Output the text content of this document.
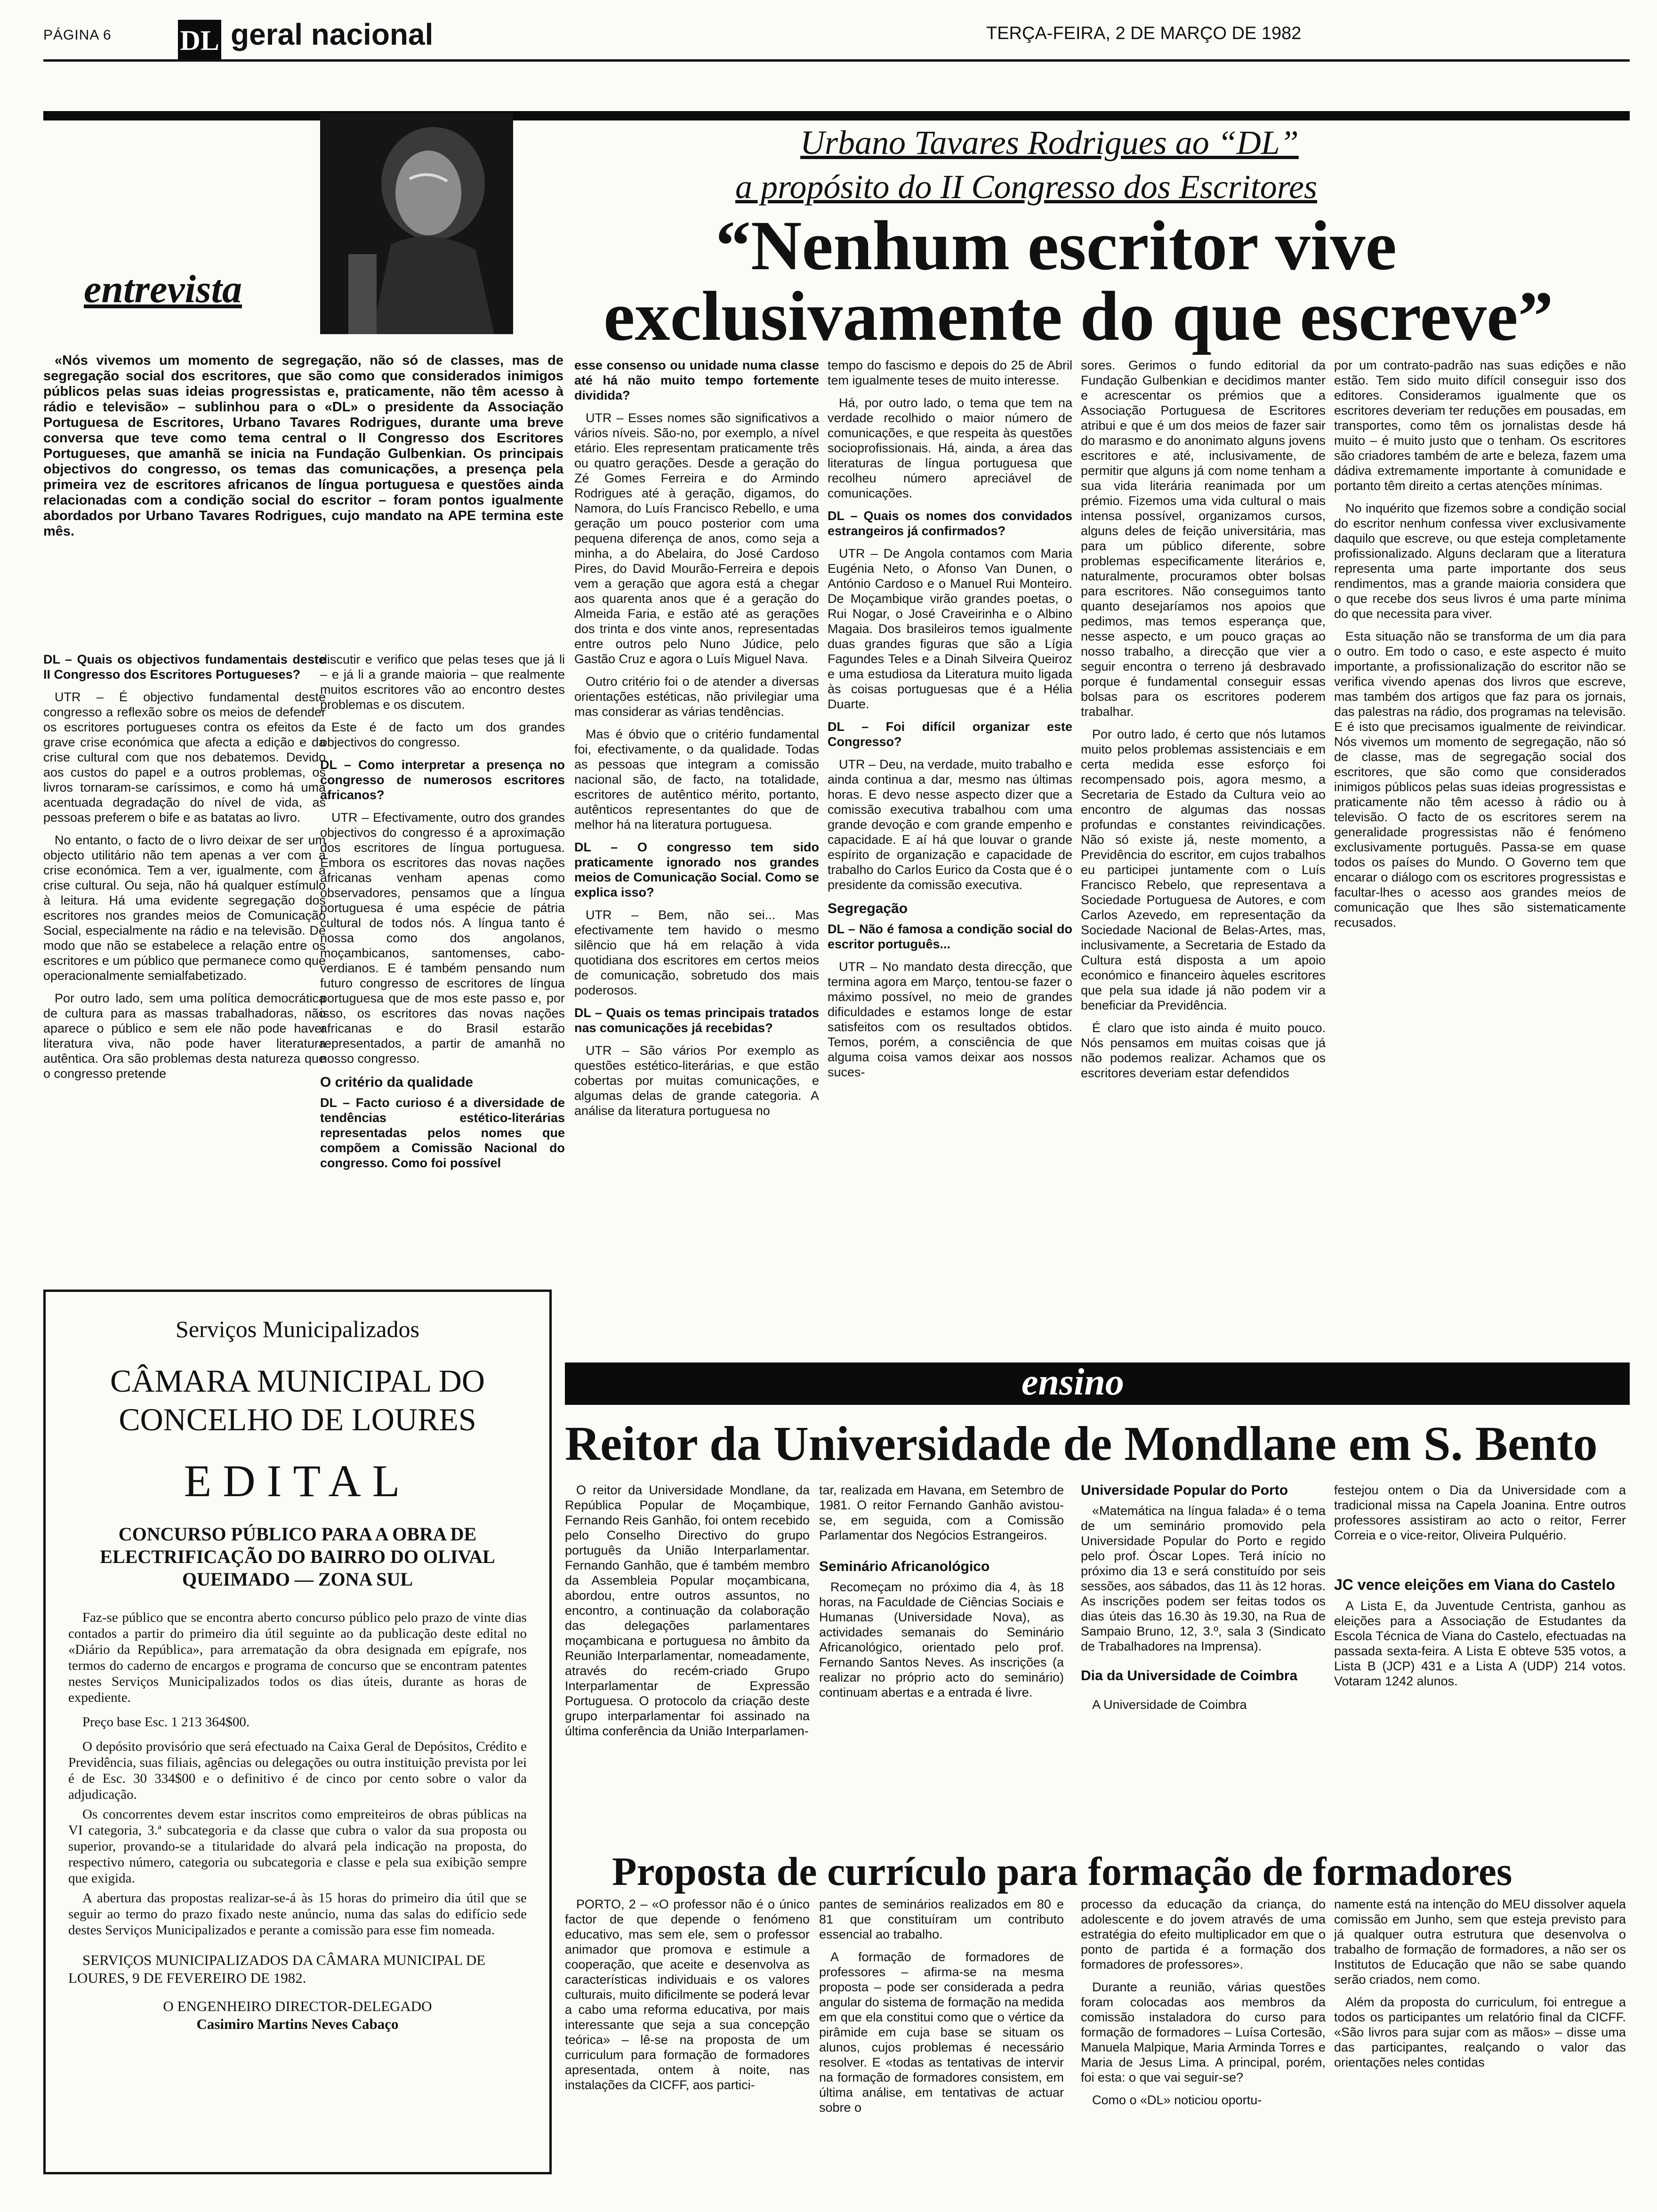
PÁGINA 6 DL geral nacional	TERÇA-FEIRA, 2 DE MARÇO DE 1982
entrevista
Urbano Tavares Rodrigues ao “DL”
a propósito do II Congresso dos Escritores
“Nenhum escritor vive
exclusivamente do que escreve”

«Nós vivemos um momento de segregação, não só de classes, mas de segregação social dos escritores, que são como que considerados inimigos públicos pelas suas ideias progressistas e, praticamente, não têm acesso à rádio e televisão» – sublinhou para o «DL» o presidente da Associação Portuguesa de Escritores, Urbano Tavares Rodrigues, durante uma breve conversa que teve como tema central o II Congresso dos Escritores Portugueses, que amanhã se inicia na Fundação Gulbenkian. Os principais objectivos do congresso, os temas das comunicações, a presença pela primeira vez de escritores africanos de língua portuguesa e questões ainda relacionadas com a condição social do escritor – foram pontos igualmente abordados por Urbano Tavares Rodrigues, cujo mandato na APE termina este mês.

DL – Quais os objectivos fundamentais deste II Congresso dos Escritores Portugueses?

UTR – É objectivo fundamental deste congresso a reflexão sobre os meios de defender os escritores portugueses contra os efeitos da grave crise económica que afecta a edição e da crise cultural com que nos debatemos. Devido aos custos do papel e a outros problemas, os livros tornaram-se caríssimos, e como há uma acentuada degradação do nível de vida, as pessoas preferem o bife e as batatas ao livro.

No entanto, o facto de o livro deixar de ser um objecto utilitário não tem apenas a ver com a crise económica. Tem a ver, igualmente, com a crise cultural. Ou seja, não há qualquer estímulo à leitura. Há uma evidente segregação dos escritores nos grandes meios de Comunicação Social, especialmente na rádio e na televisão. De modo que não se estabelece a relação entre os escritores e um público que permanece como que operacionalmente semialfabetizado.

Por outro lado, sem uma política democrática de cultura para as massas trabalhadoras, não aparece o público e sem ele não pode haver literatura viva, não pode haver literatura autêntica. Ora são problemas desta natureza que o congresso pretende

discutir e verifico que pelas teses que já li – e já li a grande maioria – que realmente muitos escritores vão ao encontro destes problemas e os discutem.

Este é de facto um dos grandes objectivos do congresso.

DL – Como interpretar a presença no congresso de numerosos escritores africanos?

UTR – Efectivamente, outro dos grandes objectivos do congresso é a aproximação dos escritores de língua portuguesa. Embora os escritores das novas nações africanas venham apenas como observadores, pensamos que a língua portuguesa é uma espécie de pátria cultural de todos nós. A língua tanto é nossa como dos angolanos, moçambicanos, santomenses, cabo-verdianos. E é também pensando num futuro congresso de escritores de língua portuguesa que de mos este passo e, por isso, os escritores das novas nações africanas e do Brasil estarão representados, a partir de amanhã no nosso congresso.

O critério da qualidade

DL – Facto curioso é a diversidade de tendências estético-literárias representadas pelos nomes que compõem a Comissão Nacional do congresso. Como foi possível

esse consenso ou unidade numa classe até há não muito tempo fortemente dividida?

UTR – Esses nomes são significativos a vários níveis. São-no, por exemplo, a nível etário. Eles representam praticamente três ou quatro gerações. Desde a geração do Zé Gomes Ferreira e do Armindo Rodrigues até à geração, digamos, do Namora, do Luís Francisco Rebello, e uma geração um pouco posterior com uma pequena diferença de anos, como seja a minha, a do Abelaira, do José Cardoso Pires, do David Mourão-Ferreira e depois vem a geração que agora está a chegar aos quarenta anos que é a geração do Almeida Faria, e estão até as gerações dos trinta e dos vinte anos, representadas entre outros pelo Nuno Júdice, pelo Gastão Cruz e agora o Luís Miguel Nava.

Outro critério foi o de atender a diversas orientações estéticas, não privilegiar uma mas considerar as várias tendências.

Mas é óbvio que o critério fundamental foi, efectivamente, o da qualidade. Todas as pessoas que integram a comissão nacional são, de facto, na totalidade, escritores de autêntico mérito, portanto, autênticos representantes do que de melhor há na literatura portuguesa.

DL – O congresso tem sido praticamente ignorado nos grandes meios de Comunicação Social. Como se explica isso?

UTR – Bem, não sei... Mas efectivamente tem havido o mesmo silêncio que há em relação à vida quotidiana dos escritores em certos meios de comunicação, sobretudo dos mais poderosos.

DL – Quais os temas principais tratados nas comunicações já recebidas?

UTR – São vários Por exemplo as questões estético-literárias, e que estão cobertas por muitas comunicações, e algumas delas de grande categoria. A análise da literatura portuguesa no

tempo do fascismo e depois do 25 de Abril tem igualmente teses de muito interesse.

Há, por outro lado, o tema que tem na verdade recolhido o maior número de comunicações, e que respeita às questões socioprofissionais. Há, ainda, a área das literaturas de língua portuguesa que recolheu número apreciável de comunicações.

DL – Quais os nomes dos convidados estrangeiros já confirmados?

UTR – De Angola contamos com Maria Eugénia Neto, o Afonso Van Dunen, o António Cardoso e o Manuel Rui Monteiro. De Moçambique virão grandes poetas, o Rui Nogar, o José Craveirinha e o Albino Magaia. Dos brasileiros temos igualmente duas grandes figuras que são a Lígia Fagundes Teles e a Dinah Silveira Queiroz e uma estudiosa da Literatura muito ligada às coisas portuguesas que é a Hélia Duarte.

DL – Foi difícil organizar este Congresso?

UTR – Deu, na verdade, muito trabalho e ainda continua a dar, mesmo nas últimas horas. E devo nesse aspecto dizer que a comissão executiva trabalhou com uma grande devoção e com grande empenho e capacidade. E aí há que louvar o grande espírito de organização e capacidade de trabalho do Carlos Eurico da Costa que é o presidente da comissão executiva.

Segregação

DL – Não é famosa a condição social do escritor português...

UTR – No mandato desta direcção, que termina agora em Março, tentou-se fazer o máximo possível, no meio de grandes dificuldades e estamos longe de estar satisfeitos com os resultados obtidos. Temos, porém, a consciência de que alguma coisa vamos deixar aos nossos suces-

sores. Gerimos o fundo editorial da Fundação Gulbenkian e decidimos manter e acrescentar os prémios que a Associação Portuguesa de Escritores atribui e que é um dos meios de fazer sair do marasmo e do anonimato alguns jovens escritores e até, inclusivamente, de permitir que alguns já com nome tenham a sua vida literária reanimada por um prémio. Fizemos uma vida cultural o mais intensa possível, organizamos cursos, alguns deles de feição universitária, mas para um público diferente, sobre problemas especificamente literários e, naturalmente, procuramos obter bolsas para escritores. Não conseguimos tanto quanto desejaríamos nos apoios que pedimos, mas temos esperança que, nesse aspecto, e um pouco graças ao nosso trabalho, a direcção que vier a seguir encontra o terreno já desbravado porque é fundamental conseguir essas bolsas para os escritores poderem trabalhar.

Por outro lado, é certo que nós lutamos muito pelos problemas assistenciais e em certa medida esse esforço foi recompensado pois, agora mesmo, a Secretaria de Estado da Cultura veio ao encontro de algumas das nossas profundas e constantes reivindicações. Não só existe já, neste momento, a Previdência do escritor, em cujos trabalhos eu participei juntamente com o Luís Francisco Rebelo, que representava a Sociedade Portuguesa de Autores, e com Carlos Azevedo, em representação da Sociedade Nacional de Belas-Artes, mas, inclusivamente, a Secretaria de Estado da Cultura está disposta a um apoio económico e financeiro àqueles escritores que pela sua idade já não podem vir a beneficiar da Previdência.

É claro que isto ainda é muito pouco. Nós pensamos em muitas coisas que já não podemos realizar. Achamos que os escritores deveriam estar defendidos

por um contrato-padrão nas suas edições e não estão. Tem sido muito difícil conseguir isso dos editores. Consideramos igualmente que os escritores deveriam ter reduções em pousadas, em transportes, como têm os jornalistas desde há muito – é muito justo que o tenham. Os escritores são criadores também de arte e beleza, fazem uma dádiva extremamente importante à comunidade e portanto têm direito a certas atenções mínimas.

No inquérito que fizemos sobre a condição social do escritor nenhum confessa viver exclusivamente daquilo que escreve, ou que esteja completamente profissionalizado. Alguns declaram que a literatura representa uma parte importante dos seus rendimentos, mas a grande maioria considera que o que recebe dos seus livros é uma parte mínima do que necessita para viver.

Esta situação não se transforma de um dia para o outro. Em todo o caso, e este aspecto é muito importante, a profissionalização do escritor não se verifica vivendo apenas dos livros que escreve, mas também dos artigos que faz para os jornais, das palestras na rádio, dos programas na televisão. E é isto que precisamos igualmente de reivindicar. Nós vivemos um momento de segregação, não só de classe, mas de segregação social dos escritores, que são como que considerados inimigos públicos pelas suas ideias progressistas e praticamente não têm acesso à rádio ou à televisão. O facto de os escritores serem na generalidade progressistas não é fenómeno exclusivamente português. Passa-se em quase todos os países do Mundo. O Governo tem que encarar o diálogo com os escritores progressistas e facultar-lhes o acesso aos grandes meios de comunicação que lhes são sistematicamente recusados.

Serviços Municipalizados
CÂMARA MUNICIPAL DO
CONCELHO DE LOURES
EDITAL
CONCURSO PÚBLICO PARA A OBRA DE ELECTRIFICAÇÃO DO BAIRRO DO OLIVAL QUEIMADO — ZONA SUL
Faz-se público que se encontra aberto concurso público pelo prazo de vinte dias contados a partir do primeiro dia útil seguinte ao da publicação deste edital no «Diário da República», para arrematação da obra designada em epígrafe, nos termos do caderno de encargos e programa de concurso que se encontram patentes nestes Serviços Municipalizados todos os dias úteis, durante as horas de expediente.
Preço base Esc. 1 213 364$00.
O depósito provisório que será efectuado na Caixa Geral de Depósitos, Crédito e Previdência, suas filiais, agências ou delegações ou outra instituição prevista por lei é de Esc. 30 334$00 e o definitivo é de cinco por cento sobre o valor da adjudicação.
Os concorrentes devem estar inscritos como empreiteiros de obras públicas na VI categoria, 3.ª subcategoria e da classe que cubra o valor da sua proposta ou superior, provando-se a titularidade do alvará pela indicação na proposta, do respectivo número, categoria ou subcategoria e classe e pela sua exibição sempre que exigida.
A abertura das propostas realizar-se-á às 15 horas do primeiro dia útil que se seguir ao termo do prazo fixado neste anúncio, numa das salas do edifício sede destes Serviços Municipalizados e perante a comissão para esse fim nomeada.
SERVIÇOS MUNICIPALIZADOS DA CÂMARA MUNICIPAL DE LOURES, 9 DE FEVEREIRO DE 1982.
O ENGENHEIRO DIRECTOR-DELEGADO
Casimiro Martins Neves Cabaço
ensino
Reitor da Universidade de Mondlane em S. Bento

O reitor da Universidade Mondlane, da República Popular de Moçambique, Fernando Reis Ganhão, foi ontem recebido pelo Conselho Directivo do grupo português da União Interparlamentar. Fernando Ganhão, que é também membro da Assembleia Popular moçambicana, abordou, entre outros assuntos, no encontro, a continuação da colaboração das delegações parlamentares moçambicana e portuguesa no âmbito da Reunião Interparlamentar, nomeadamente, através do recém-criado Grupo Interparlamentar de Expressão Portuguesa. O protocolo da criação deste grupo interparlamentar foi assinado na última conferência da União Interparlamen-

tar, realizada em Havana, em Setembro de 1981. O reitor Fernando Ganhão avistou-se, em seguida, com a Comissão Parlamentar dos Negócios Estrangeiros.

Seminário Africanológico

Recomeçam no próximo dia 4, às 18 horas, na Faculdade de Ciências Sociais e Humanas (Universidade Nova), as actividades semanais do Seminário Africanológico, orientado pelo prof. Fernando Santos Neves. As inscrições (a realizar no próprio acto do seminário) continuam abertas e a entrada é livre.

Universidade Popular do Porto

«Matemática na língua falada» é o tema de um seminário promovido pela Universidade Popular do Porto e regido pelo prof. Óscar Lopes. Terá início no próximo dia 13 e será constituído por seis sessões, aos sábados, das 11 às 12 horas. As inscrições podem ser feitas todos os dias úteis das 16.30 às 19.30, na Rua de Sampaio Bruno, 12, 3.º, sala 3 (Sindicato de Trabalhadores na Imprensa).

Dia da Universidade de Coimbra

A Universidade de Coimbra

festejou ontem o Dia da Universidade com a tradicional missa na Capela Joanina. Entre outros professores assistiram ao acto o reitor, Ferrer Correia e o vice-reitor, Oliveira Pulquério.

JC vence eleições em Viana do Castelo

A Lista E, da Juventude Centrista, ganhou as eleições para a Associação de Estudantes da Escola Técnica de Viana do Castelo, efectuadas na passada sexta-feira. A Lista E obteve 535 votos, a Lista B (JCP) 431 e a Lista A (UDP) 214 votos. Votaram 1242 alunos.

Proposta de currículo para formação de formadores

PORTO, 2 – «O professor não é o único factor de que depende o fenómeno educativo, mas sem ele, sem o professor animador que promova e estimule a cooperação, que aceite e desenvolva as características individuais e os valores culturais, muito dificilmente se poderá levar a cabo uma reforma educativa, por mais interessante que seja a sua concepção teórica» – lê-se na proposta de um curriculum para formação de formadores apresentada, ontem à noite, nas instalações da CICFF, aos partici-

pantes de seminários realizados em 80 e 81 que constituíram um contributo essencial ao trabalho.

A formação de formadores de professores – afirma-se na mesma proposta – pode ser considerada a pedra angular do sistema de formação na medida em que ela constitui como que o vértice da pirâmide em cuja base se situam os alunos, cujos problemas é necessário resolver. E «todas as tentativas de intervir na formação de formadores consistem, em última análise, em tentativas de actuar sobre o

processo da educação da criança, do adolescente e do jovem através de uma estratégia do efeito multiplicador em que o ponto de partida é a formação dos formadores de professores».

Durante a reunião, várias questões foram colocadas aos membros da comissão instaladora do curso para formação de formadores – Luísa Cortesão, Manuela Malpique, Maria Arminda Torres e Maria de Jesus Lima. A principal, porém, foi esta: o que vai seguir-se?

Como o «DL» noticiou oportu-

namente está na intenção do MEU dissolver aquela comissão em Junho, sem que esteja previsto para já qualquer outra estrutura que desenvolva o trabalho de formação de formadores, a não ser os Institutos de Educação que não se sabe quando serão criados, nem como.

Além da proposta do curriculum, foi entregue a todos os participantes um relatório final da CICFF. «São livros para sujar com as mãos» – disse uma das participantes, realçando o valor das orientações neles contidas
